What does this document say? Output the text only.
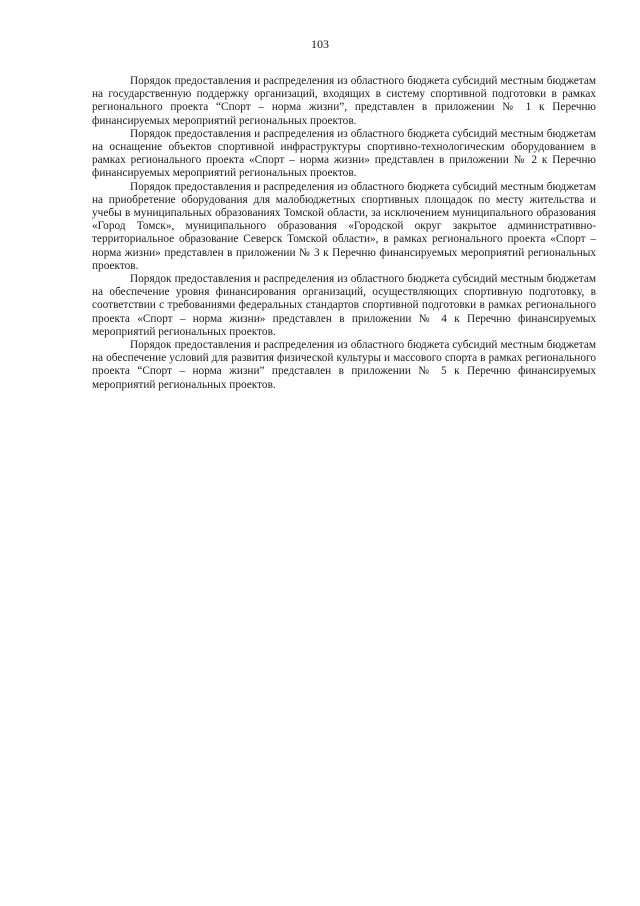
103

Порядок предоставления и распределения из областного бюджета субсидий местным бюджетам на государственную поддержку организаций, входящих в систему спортивной подготовки в рамках регионального проекта “Спорт – норма жизни”, представлен в приложении № 1 к Перечню финансируемых мероприятий региональных проектов.

Порядок предоставления и распределения из областного бюджета субсидий местным бюджетам на оснащение объектов спортивной инфраструктуры спортивно-технологическим оборудованием в рамках регионального проекта «Спорт – норма жизни» представлен в приложении № 2 к Перечню финансируемых мероприятий региональных проектов.

Порядок предоставления и распределения из областного бюджета субсидий местным бюджетам на приобретение оборудования для малобюджетных спортивных площадок по месту жительства и учебы в муниципальных образованиях Томской области, за исключением муниципального образования «Город Томск», муниципального образования «Городской округ закрытое административно-территориальное образование Северск Томской области», в рамках регионального проекта «Спорт – норма жизни» представлен в приложении № 3 к Перечню финансируемых мероприятий региональных проектов.

Порядок предоставления и распределения из областного бюджета субсидий местным бюджетам на обеспечение уровня финансирования организаций, осуществляющих спортивную подготовку, в соответствии с требованиями федеральных стандартов спортивной подготовки в рамках регионального проекта «Спорт – норма жизни» представлен в приложении № 4 к Перечню финансируемых мероприятий региональных проектов.

Порядок предоставления и распределения из областного бюджета субсидий местным бюджетам на обеспечение условий для развития физической культуры и массового спорта в рамках регионального проекта “Спорт – норма жизни” представлен в приложении № 5 к Перечню финансируемых мероприятий региональных проектов.
